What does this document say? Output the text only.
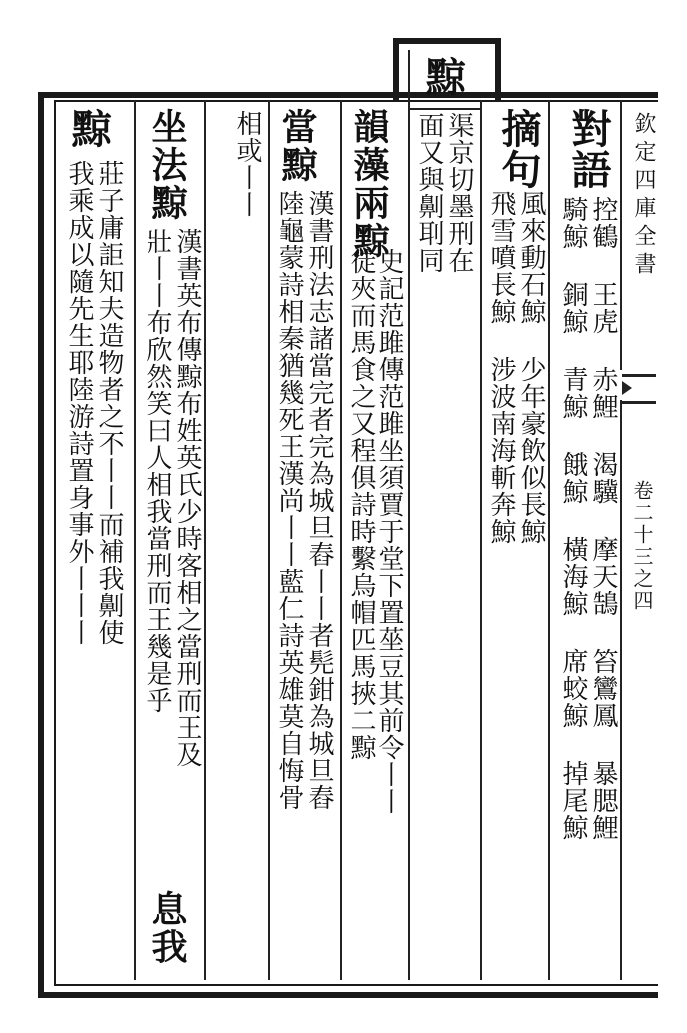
欽定四庫全書
卷二十三之四
對語
控鶴 王虎 赤鯉 渴驥 摩天鵠 笞鸞鳳 暴腮鯉
騎鯨 銅鯨 青鯨 餓鯨 橫海鯨 席蛟鯨 掉尾鯨
摘句
風來動石鯨 少年豪飲似長鯨
飛雪噴長鯨 涉波南海斬奔鯨
黥
渠京切墨刑在
面又與劓刵同
韻藻兩黥
史記范雎傳范雎坐須賈于堂下置莝豆其前令丨丨
徒夾而馬食之又程俱詩時繫烏帽匹馬挾二黥
當黥
漢書刑法志諸當完者完為城旦舂丨丨者髡鉗為城旦舂
陸龜蒙詩相秦猶幾死王漢尚丨丨藍仁詩英雄莫自悔骨
相或丨丨
坐法黥
漢書英布傳黥布姓英氏少時客相之當刑而王及
壯丨丨布欣然笑曰人相我當刑而王幾是乎
息我
黥
莊子庸詎知夫造物者之不丨丨而補我劓使
我乘成以隨先生耶陸游詩置身事外丨丨丨
